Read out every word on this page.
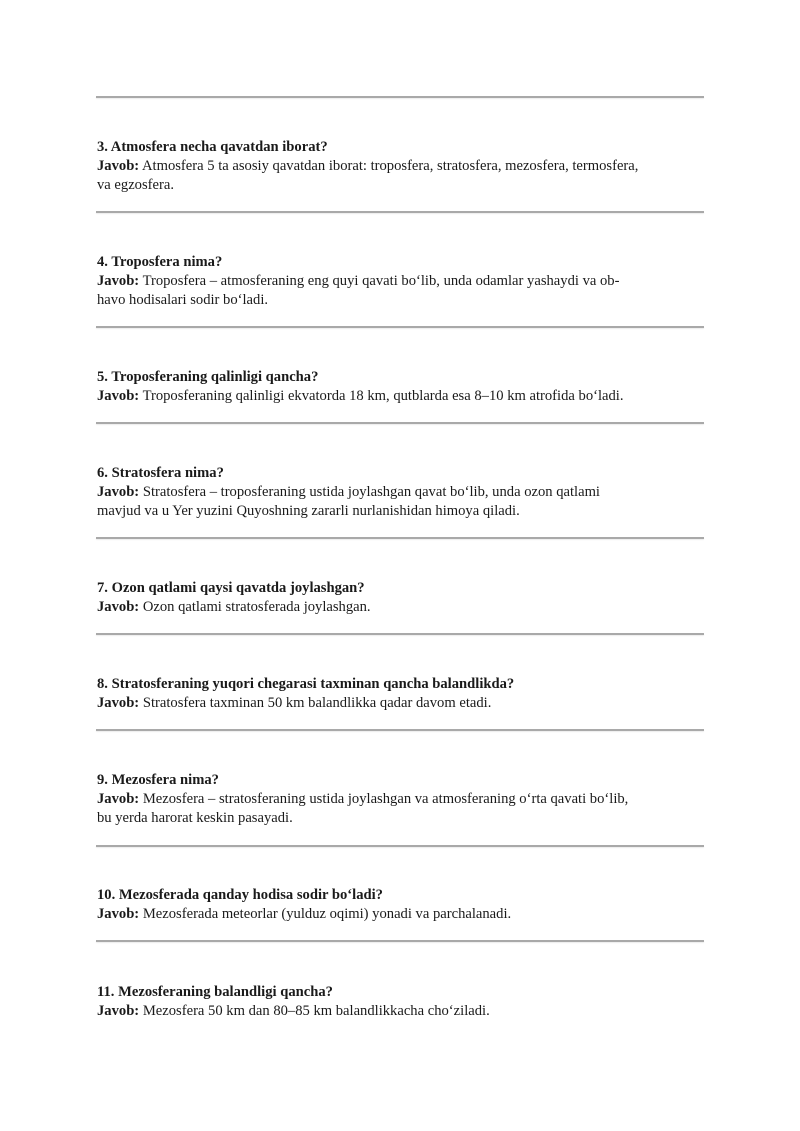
3. Atmosfera necha qavatdan iborat?

Javob: Atmosfera 5 ta asosiy qavatdan iborat: troposfera, stratosfera, mezosfera, termosfera,

va egzosfera.

4. Troposfera nima?

Javob: Troposfera – atmosferaning eng quyi qavati bo‘lib, unda odamlar yashaydi va ob-

havo hodisalari sodir bo‘ladi.

5. Troposferaning qalinligi qancha?

Javob: Troposferaning qalinligi ekvatorda 18 km, qutblarda esa 8–10 km atrofida bo‘ladi.

6. Stratosfera nima?

Javob: Stratosfera – troposferaning ustida joylashgan qavat bo‘lib, unda ozon qatlami

mavjud va u Yer yuzini Quyoshning zararli nurlanishidan himoya qiladi.

7. Ozon qatlami qaysi qavatda joylashgan?

Javob: Ozon qatlami stratosferada joylashgan.

8. Stratosferaning yuqori chegarasi taxminan qancha balandlikda?

Javob: Stratosfera taxminan 50 km balandlikka qadar davom etadi.

9. Mezosfera nima?

Javob: Mezosfera – stratosferaning ustida joylashgan va atmosferaning o‘rta qavati bo‘lib,

bu yerda harorat keskin pasayadi.

10. Mezosferada qanday hodisa sodir bo‘ladi?

Javob: Mezosferada meteorlar (yulduz oqimi) yonadi va parchalanadi.

11. Mezosferaning balandligi qancha?

Javob: Mezosfera 50 km dan 80–85 km balandlikkacha cho‘ziladi.
